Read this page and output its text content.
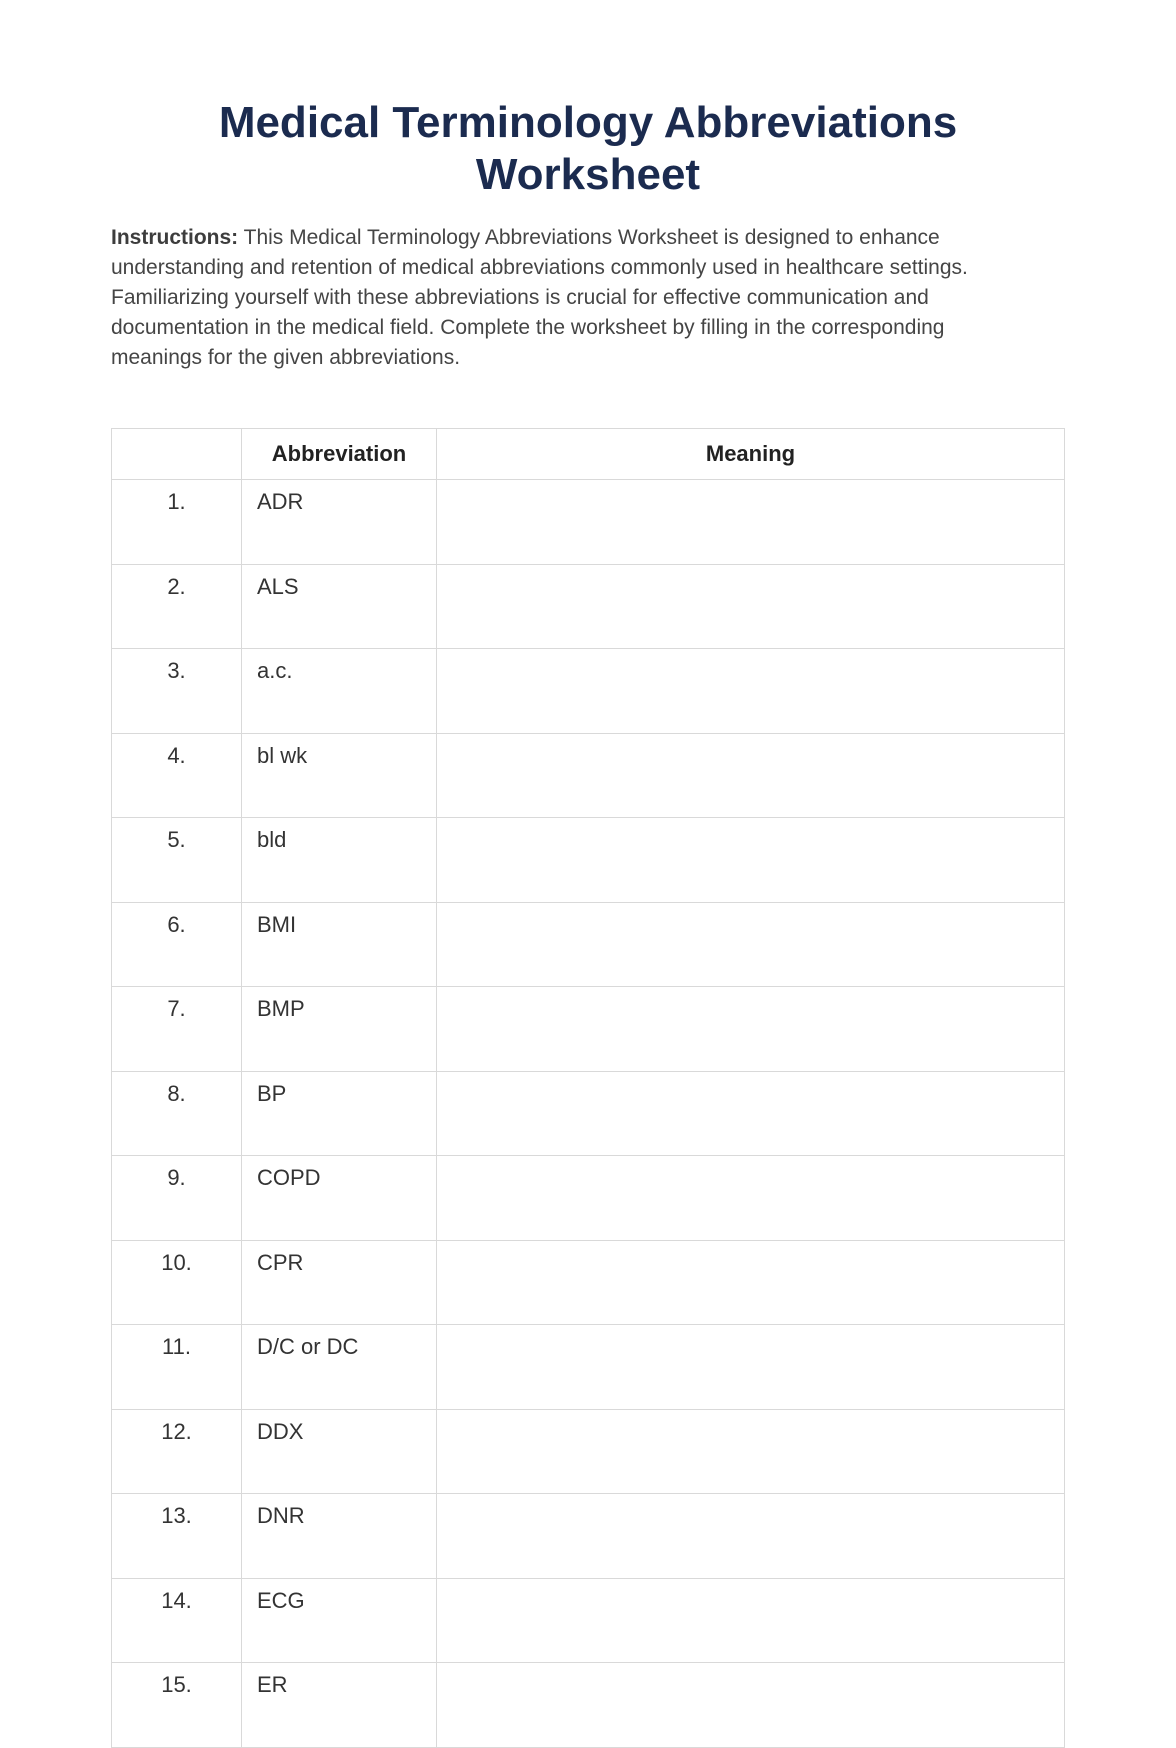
Medical Terminology Abbreviations Worksheet

Instructions: This Medical Terminology Abbreviations Worksheet is designed to enhance understanding and retention of medical abbreviations commonly used in healthcare settings. Familiarizing yourself with these abbreviations is crucial for effective communication and documentation in the medical field. Complete the worksheet by filling in the corresponding meanings for the given abbreviations.

	Abbreviation	Meaning
1.	ADR	
2.	ALS	
3.	a.c.	
4.	bl wk	
5.	bld	
6.	BMI	
7.	BMP	
8.	BP	
9.	COPD	
10.	CPR	
11.	D/C or DC	
12.	DDX	
13.	DNR	
14.	ECG	
15.	ER	
